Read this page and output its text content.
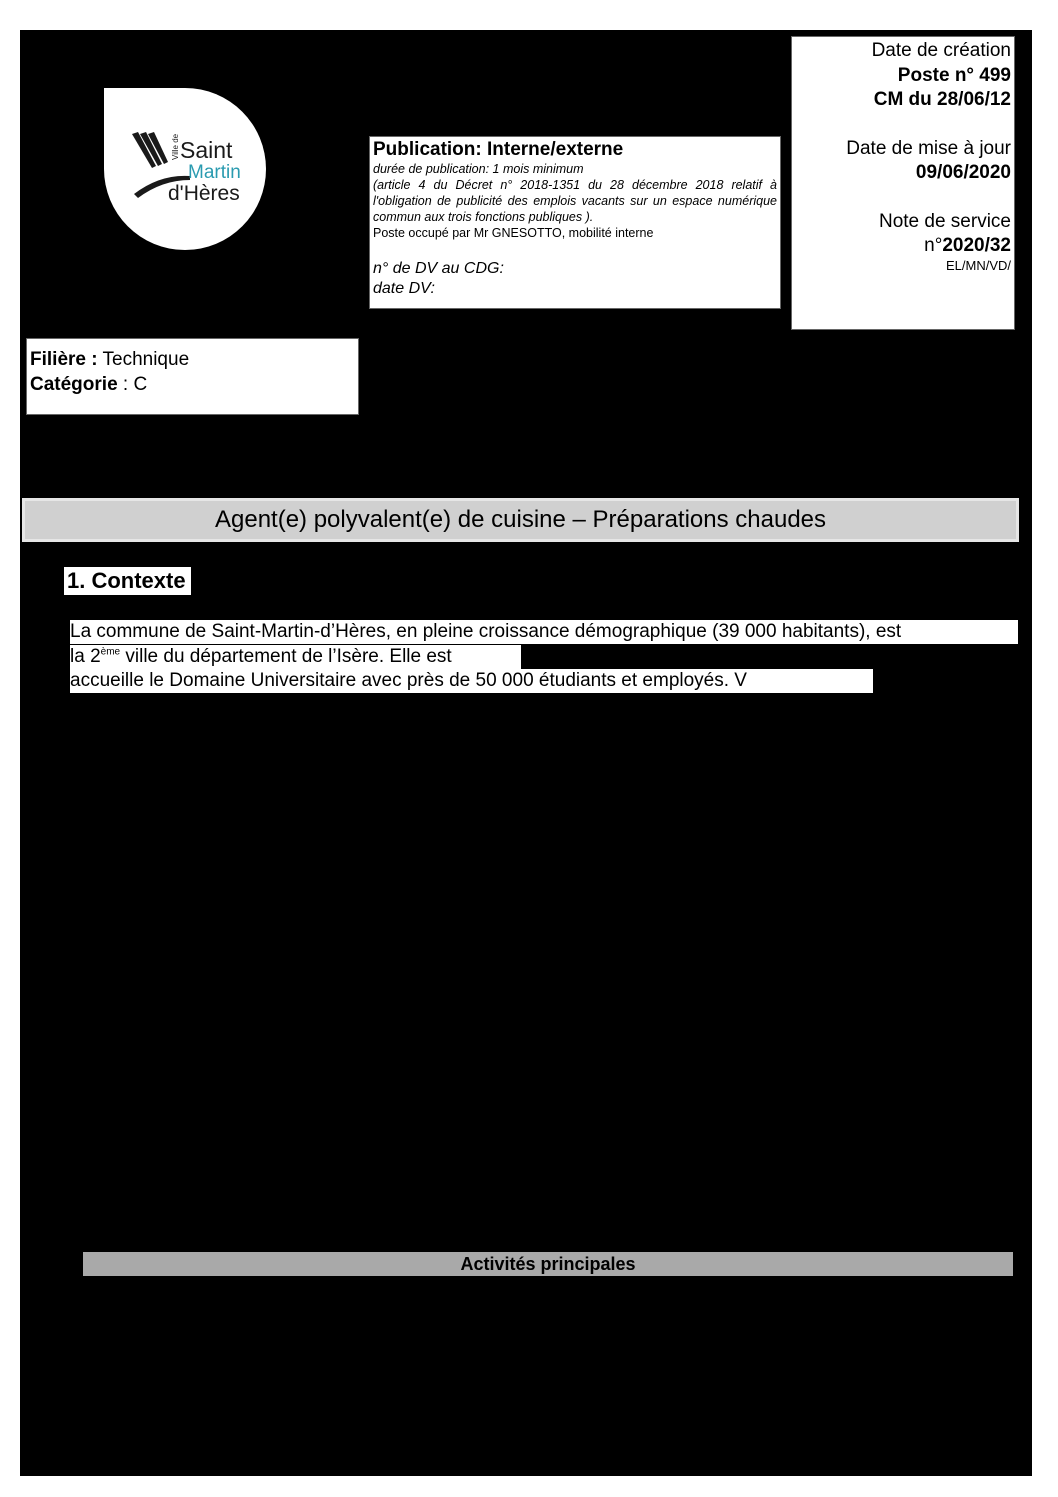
Ville de Saint
Martin
d'Hères
Publication: Interne/externe
durée de publication: 1 mois minimum
(article 4 du Décret n° 2018-1351 du 28 décembre 2018 relatif à l'obligation de publicité des emplois vacants sur un espace numérique commun aux trois fonctions publiques ).
Poste occupé par Mr GNESOTTO, mobilité interne
n° de DV au CDG:
date DV:
Date de création
Poste n° 499
CM du 28/06/12
Date de mise à jour
09/06/2020
Note de service
n°2020/32
EL/MN/VD/
Filière : Technique
Catégorie : C
Agent(e) polyvalent(e) de cuisine – Préparations chaudes
1. Contexte
La commune de Saint-Martin-d’Hères, en pleine croissance démographique (39 000 habitants), est
la 2ème ville du département de l’Isère. Elle est
accueille le Domaine Universitaire avec près de 50 000 étudiants et employés. V
Activités principales
